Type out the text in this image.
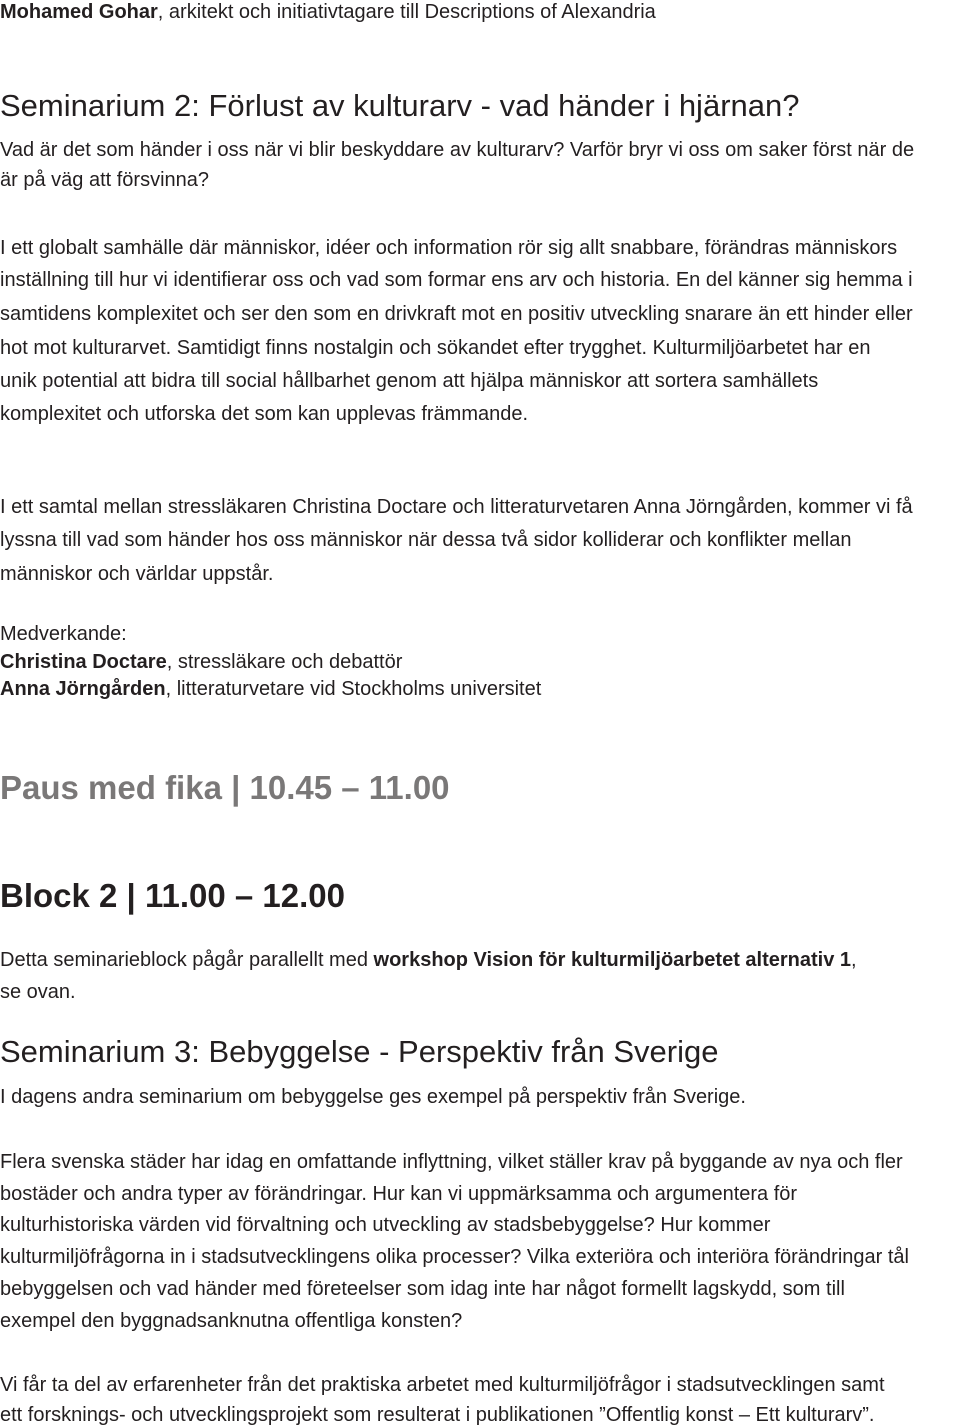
Mohamed Gohar, arkitekt och initiativtagare till Descriptions of Alexandria
Seminarium 2: Förlust av kulturarv - vad händer i hjärnan?
Vad är det som händer i oss när vi blir beskyddare av kulturarv? Varför bryr vi oss om saker först när de
är på väg att försvinna?
I ett globalt samhälle där människor, idéer och information rör sig allt snabbare, förändras människors
inställning till hur vi identifierar oss och vad som formar ens arv och historia. En del känner sig hemma i
samtidens komplexitet och ser den som en drivkraft mot en positiv utveckling snarare än ett hinder eller
hot mot kulturarvet. Samtidigt finns nostalgin och sökandet efter trygghet. Kulturmiljöarbetet har en
unik potential att bidra till social hållbarhet genom att hjälpa människor att sortera samhällets
komplexitet och utforska det som kan upplevas främmande.
I ett samtal mellan stressläkaren Christina Doctare och litteraturvetaren Anna Jörngården, kommer vi få
lyssna till vad som händer hos oss människor när dessa två sidor kolliderar och konflikter mellan
människor och världar uppstår.
Medverkande:
Christina Doctare, stressläkare och debattör
Anna Jörngården, litteraturvetare vid Stockholms universitet
Paus med fika | 10.45 – 11.00
Block 2 | 11.00 – 12.00
Detta seminarieblock pågår parallellt med workshop Vision för kulturmiljöarbetet alternativ 1,
se ovan.
Seminarium 3: Bebyggelse - Perspektiv från Sverige
I dagens andra seminarium om bebyggelse ges exempel på perspektiv från Sverige.
Flera svenska städer har idag en omfattande inflyttning, vilket ställer krav på byggande av nya och fler
bostäder och andra typer av förändringar. Hur kan vi uppmärksamma och argumentera för
kulturhistoriska värden vid förvaltning och utveckling av stadsbebyggelse? Hur kommer
kulturmiljöfrågorna in i stadsutvecklingens olika processer? Vilka exteriöra och interiöra förändringar tål
bebyggelsen och vad händer med företeelser som idag inte har något formellt lagskydd, som till
exempel den byggnadsanknutna offentliga konsten?
Vi får ta del av erfarenheter från det praktiska arbetet med kulturmiljöfrågor i stadsutvecklingen samt
ett forsknings- och utvecklingsprojekt som resulterat i publikationen ”Offentlig konst – Ett kulturarv”.
